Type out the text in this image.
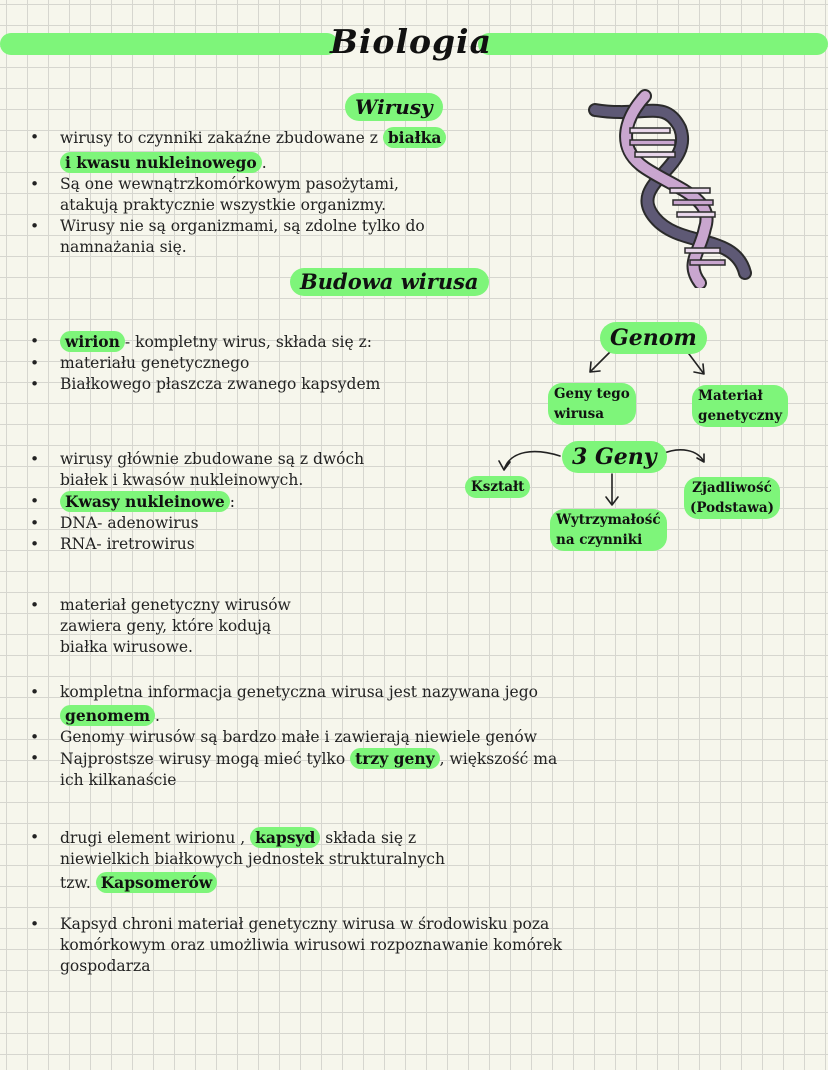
Biologia
Wirusy
• wirusy to czynniki zakaźne zbudowane z białka
i kwasu nukleinowego .
• Są one wewnątrzkomórkowym pasożytami,
atakują praktycznie wszystkie organizmy.
• Wirusy nie są organizmami, są zdolne tylko do
namnażania się.
Budowa wirusa
• wirion - kompletny wirus, składa się z:
• materiału genetycznego
• Białkowego płaszcza zwanego kapsydem
• wirusy głównie zbudowane są z dwóch
białek i kwasów nukleinowych.
• Kwasy nukleinowe :
• DNA- adenowirus
• RNA- iretrowirus
• materiał genetyczny wirusów
zawiera geny, które kodują
białka wirusowe.
• kompletna informacja genetyczna wirusa jest nazywana jego
genomem .
• Genomy wirusów są bardzo małe i zawierają niewiele genów
• Najprostsze wirusy mogą mieć tylko trzy geny , większość ma
ich kilkanaście
• drugi element wirionu , kapsyd składa się z
niewielkich białkowych jednostek strukturalnych
tzw. Kapsomerów
• Kapsyd chroni materiał genetyczny wirusa w środowisku poza
komórkowym oraz umożliwia wirusowi rozpoznawanie komórek
gospodarza
Genom
Geny tego
wirusa
Materiał
genetyczny
3 Geny
Kształt
Wytrzymałość
na czynniki
Zjadliwość
(Podstawa)
